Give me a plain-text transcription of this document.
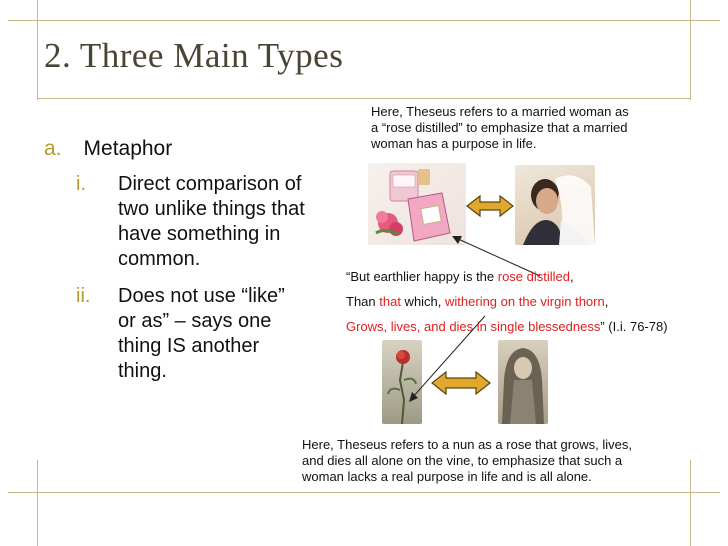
2. Three Main Types
a. Metaphor
i.	Direct comparison of
two unlike things that
have something in
common.
ii.	Does not use “like”
or as” – says one
thing IS another
thing.
Here, Theseus refers to a married woman as
a “rose distilled” to emphasize that a married
woman has a purpose in life.
“But earthlier happy is the rose distilled,
Than that which, withering on the virgin thorn,
Grows, lives, and dies in single blessedness” (I.i. 76-78)
Here, Theseus refers to a nun as a rose that grows, lives,
and dies all alone on the vine, to emphasize that such a
woman lacks a real purpose in life and is all alone.
